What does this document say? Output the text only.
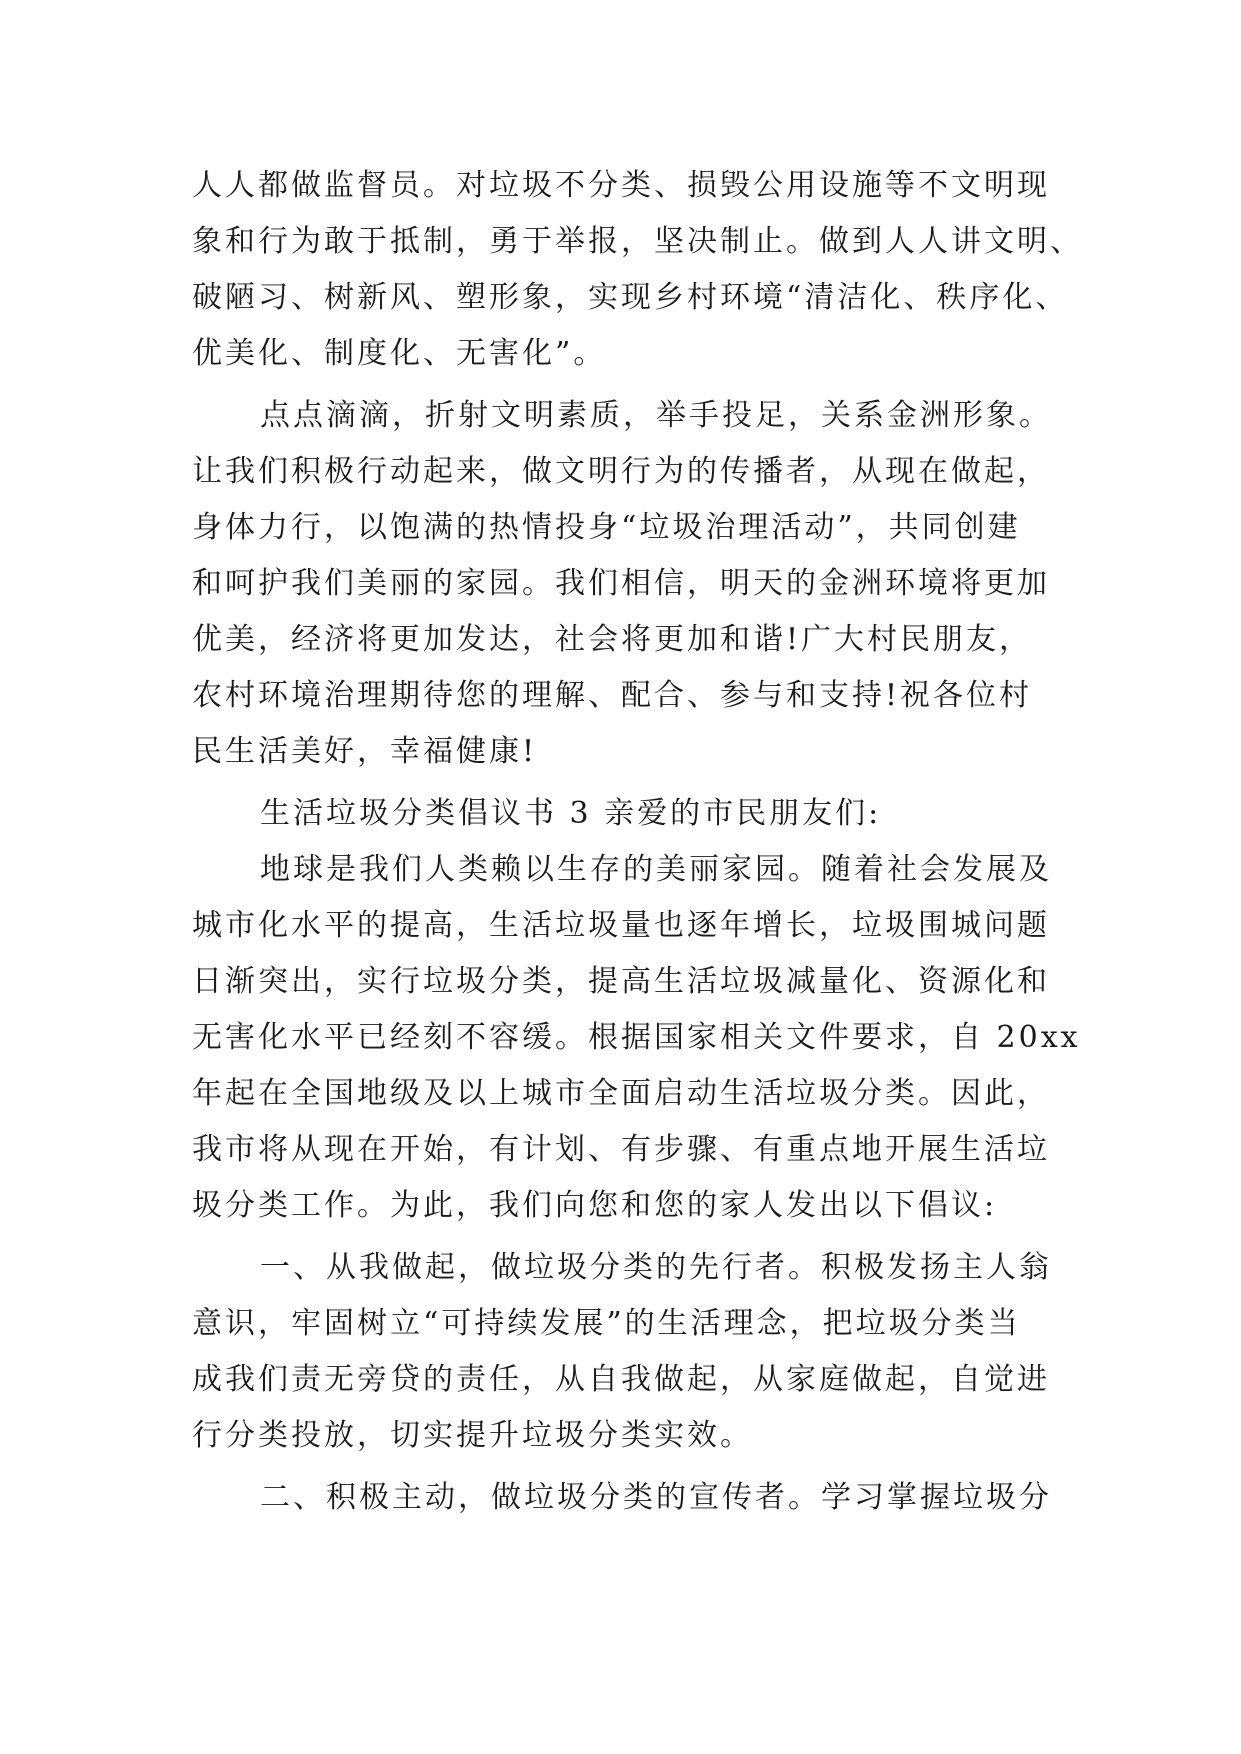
人人都做监督员。对垃圾不分类、损毁公用设施等不文明现
象和行为敢于抵制，勇于举报，坚决制止。做到人人讲文明、
破陋习、树新风、塑形象，实现乡村环境“清洁化、秩序化、
优美化、制度化、无害化”。
点点滴滴，折射文明素质，举手投足，关系金洲形象。
让我们积极行动起来，做文明行为的传播者，从现在做起，
身体力行，以饱满的热情投身“垃圾治理活动”，共同创建
和呵护我们美丽的家园。我们相信，明天的金洲环境将更加
优美，经济将更加发达，社会将更加和谐!广大村民朋友，
农村环境治理期待您的理解、配合、参与和支持!祝各位村
民生活美好，幸福健康!
生活垃圾分类倡议书 3 亲爱的市民朋友们:
地球是我们人类赖以生存的美丽家园。随着社会发展及
城市化水平的提高，生活垃圾量也逐年增长，垃圾围城问题
日渐突出，实行垃圾分类，提高生活垃圾减量化、资源化和
无害化水平已经刻不容缓。根据国家相关文件要求，自 20xx
年起在全国地级及以上城市全面启动生活垃圾分类。因此，
我市将从现在开始，有计划、有步骤、有重点地开展生活垃
圾分类工作。为此，我们向您和您的家人发出以下倡议:
一、从我做起，做垃圾分类的先行者。积极发扬主人翁
意识，牢固树立“可持续发展”的生活理念，把垃圾分类当
成我们责无旁贷的责任，从自我做起，从家庭做起，自觉进
行分类投放，切实提升垃圾分类实效。
二、积极主动，做垃圾分类的宣传者。学习掌握垃圾分
